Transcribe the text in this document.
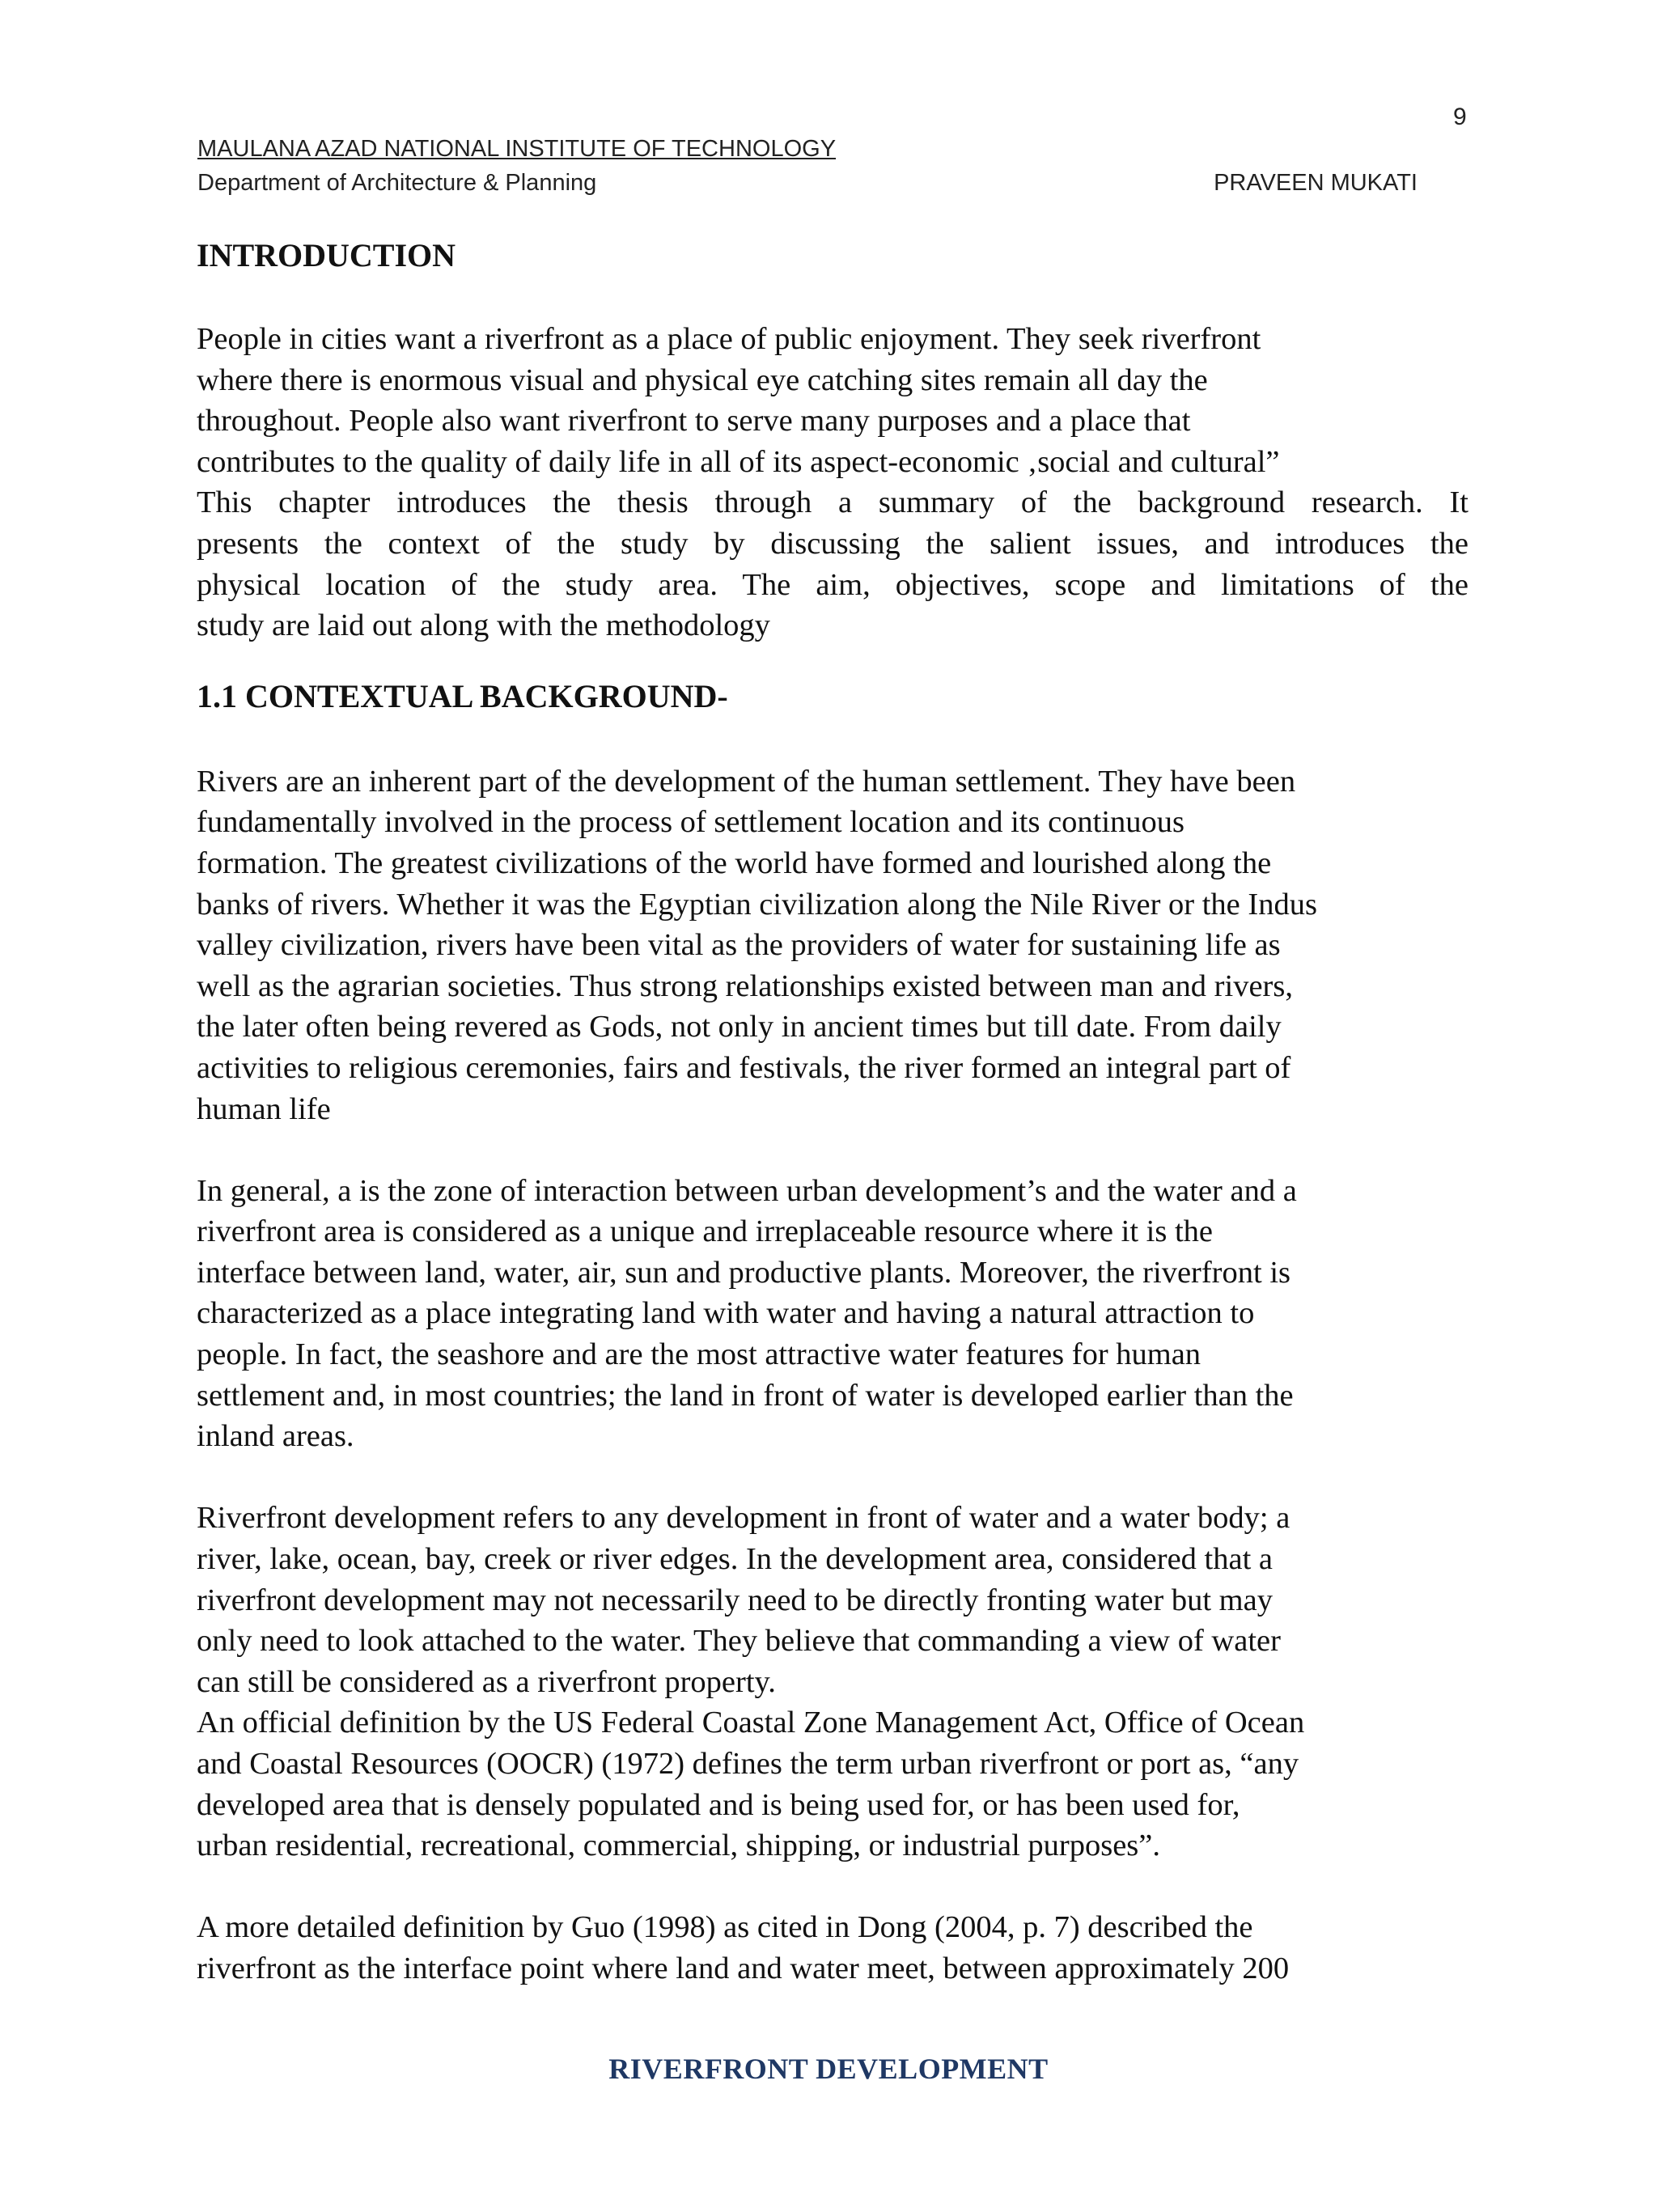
9
MAULANA AZAD NATIONAL INSTITUTE OF TECHNOLOGY
Department of Architecture & Planning	PRAVEEN MUKATI
INTRODUCTION
People in cities want a riverfront as a place of public enjoyment. They seek riverfront
where there is enormous visual and physical eye catching sites remain all day the
throughout. People also want riverfront to serve many purposes and a place that
contributes to the quality of daily life in all of its aspect-economic ‚social and cultural”
This chapter introduces the thesis through a summary of the background research. It
presents the context of the study by discussing the salient issues, and introduces the
physical location of the study area. The aim, objectives, scope and limitations of the
study are laid out along with the methodology
1.1 CONTEXTUAL BACKGROUND-
Rivers are an inherent part of the development of the human settlement. They have been
fundamentally involved in the process of settlement location and its continuous
formation. The greatest civilizations of the world have formed and lourished along the
banks of rivers. Whether it was the Egyptian civilization along the Nile River or the Indus
valley civilization, rivers have been vital as the providers of water for sustaining life as
well as the agrarian societies. Thus strong relationships existed between man and rivers,
the later often being revered as Gods, not only in ancient times but till date. From daily
activities to religious ceremonies, fairs and festivals, the river formed an integral part of
human life
In general, a is the zone of interaction between urban development’s and the water and a
riverfront area is considered as a unique and irreplaceable resource where it is the
interface between land, water, air, sun and productive plants. Moreover, the riverfront is
characterized as a place integrating land with water and having a natural attraction to
people. In fact, the seashore and are the most attractive water features for human
settlement and, in most countries; the land in front of water is developed earlier than the
inland areas.
Riverfront development refers to any development in front of water and a water body; a
river, lake, ocean, bay, creek or river edges. In the development area, considered that a
riverfront development may not necessarily need to be directly fronting water but may
only need to look attached to the water. They believe that commanding a view of water
can still be considered as a riverfront property.
An official definition by the US Federal Coastal Zone Management Act, Office of Ocean
and Coastal Resources (OOCR) (1972) defines the term urban riverfront or port as, “any
developed area that is densely populated and is being used for, or has been used for,
urban residential, recreational, commercial, shipping, or industrial purposes”.
A more detailed definition by Guo (1998) as cited in Dong (2004, p. 7) described the
riverfront as the interface point where land and water meet, between approximately 200
RIVERFRONT DEVELOPMENT
